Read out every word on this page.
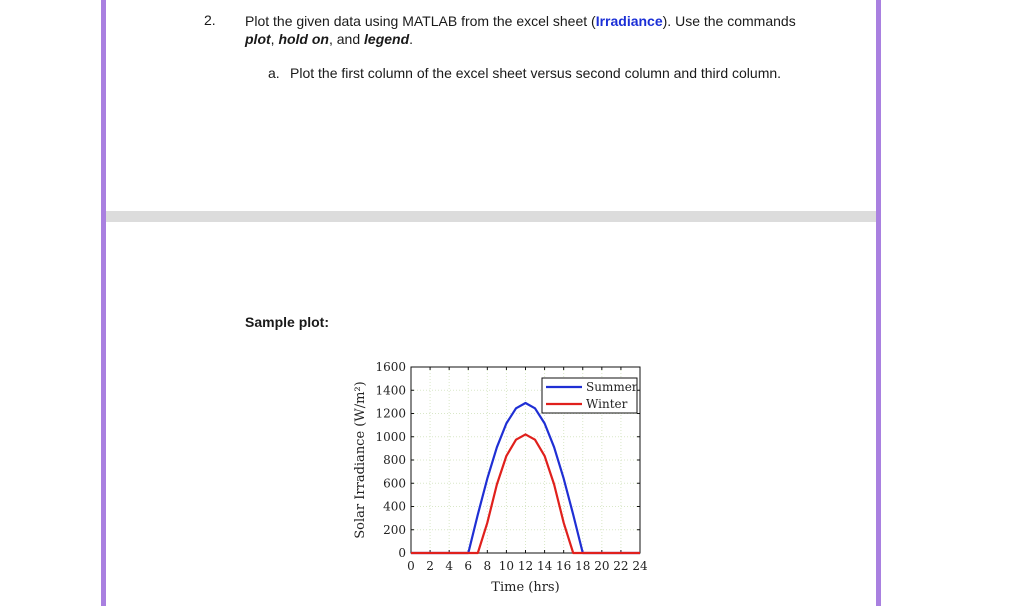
2. Plot the given data using MATLAB from the excel sheet (Irradiance). Use the commands plot, hold on, and legend.
a. Plot the first column of the excel sheet versus second column and third column.
Sample plot:
0 2 4 6 8 10 12 14 16 18 20 22 24
0
200
400
600
800
1000
1200
1400
1600
Time (hrs)
Solar Irradiance (W/m²)	Summer
Winter
